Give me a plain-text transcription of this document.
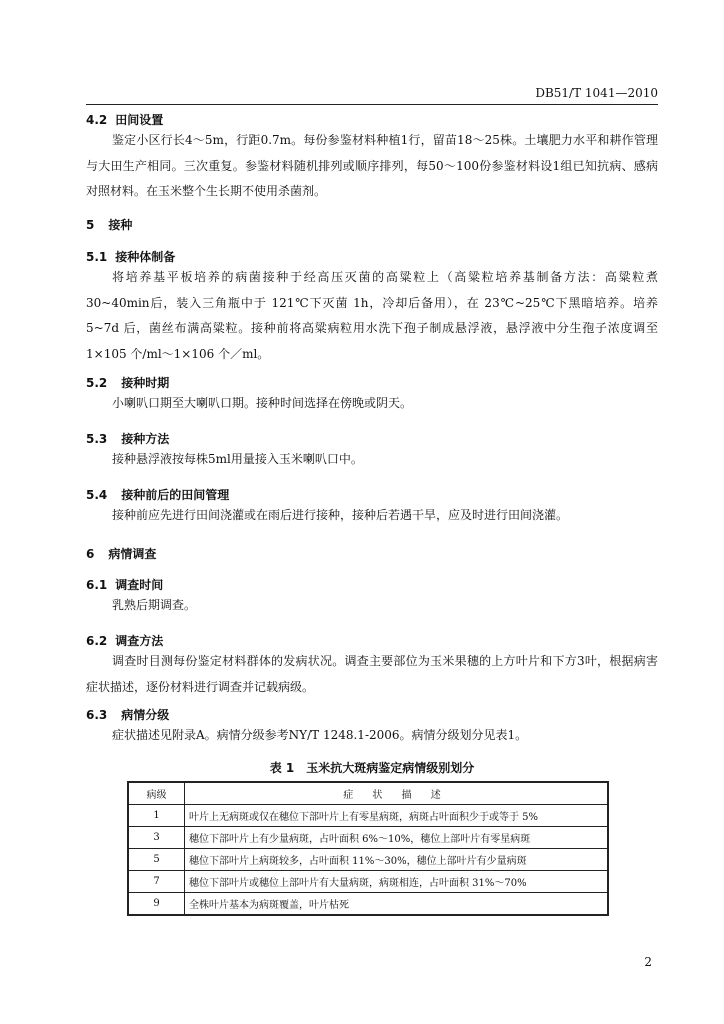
DB51/T 1041—2010
4.2 田间设置
鉴定小区行长4～5m，行距0.7m。每份参鉴材料种植1行，留苗18～25株。土壤肥力水平和耕作管理与大田生产相同。三次重复。参鉴材料随机排列或顺序排列，每50～100份参鉴材料设1组已知抗病、感病对照材料。在玉米整个生长期不使用杀菌剂。
5 接种
5.1 接种体制备
将培养基平板培养的病菌接种于经高压灭菌的高粱粒上（高粱粒培养基制备方法：高粱粒煮 30~40min后，装入三角瓶中于 121℃下灭菌 1h，冷却后备用），在 23℃~25℃下黑暗培养。培养 5~7d 后，菌丝布满高粱粒。接种前将高粱病粒用水洗下孢子制成悬浮液，悬浮液中分生孢子浓度调至 1×105 个/ml～1×106 个／ml。
5.2 接种时期
小喇叭口期至大喇叭口期。接种时间选择在傍晚或阴天。
5.3 接种方法
接种悬浮液按每株5ml用量接入玉米喇叭口中。
5.4 接种前后的田间管理
接种前应先进行田间浇灌或在雨后进行接种，接种后若遇干旱，应及时进行田间浇灌。
6 病情调查
6.1 调查时间
乳熟后期调查。
6.2 调查方法
调查时目测每份鉴定材料群体的发病状况。调查主要部位为玉米果穗的上方叶片和下方3叶，根据病害症状描述，逐份材料进行调查并记载病级。
6.3 病情分级
症状描述见附录A。病情分级参考NY/T 1248.1-2006。病情分级划分见表1。
表 1 玉米抗大斑病鉴定病情级别划分
病级	症 状 描 述
1	叶片上无病斑或仅在穗位下部叶片上有零星病斑，病斑占叶面积少于或等于 5%
3	穗位下部叶片上有少量病斑，占叶面积 6%～10%，穗位上部叶片有零星病斑
5	穗位下部叶片上病斑较多，占叶面积 11%～30%，穗位上部叶片有少量病斑
7	穗位下部叶片或穗位上部叶片有大量病斑，病斑相连，占叶面积 31%～70%
9	全株叶片基本为病斑覆盖，叶片枯死
2
